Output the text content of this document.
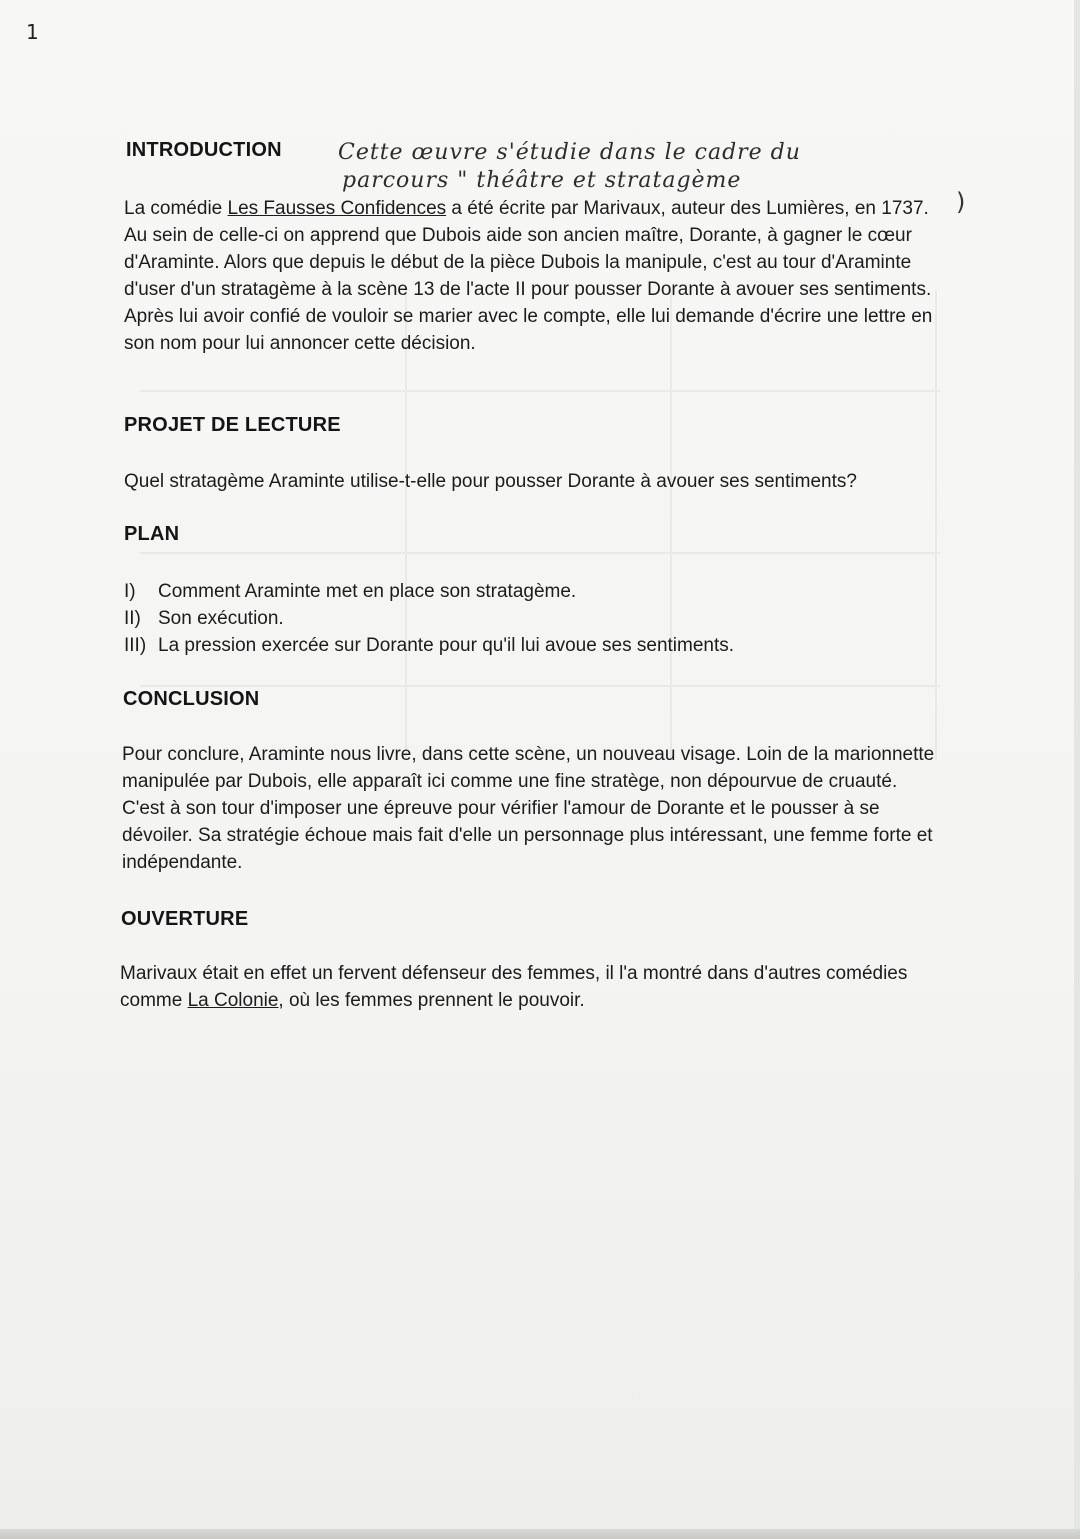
1
INTRODUCTION	Cette œuvre s'étudie dans le cadre du
parcours " théâtre et stratagème
)
La comédie Les Fausses Confidences a été écrite par Marivaux, auteur des Lumières, en 1737. Au sein de celle-ci on apprend que Dubois aide son ancien maître, Dorante, à gagner le cœur d'Araminte. Alors que depuis le début de la pièce Dubois la manipule, c'est au tour d'Araminte d'user d'un stratagème à la scène 13 de l'acte II pour pousser Dorante à avouer ses sentiments. Après lui avoir confié de vouloir se marier avec le compte, elle lui demande d'écrire une lettre en son nom pour lui annoncer cette décision.
PROJET DE LECTURE
Quel stratagème Araminte utilise-t-elle pour pousser Dorante à avouer ses sentiments?
PLAN
I)	Comment Araminte met en place son stratagème.
II) Son exécution.
III) La pression exercée sur Dorante pour qu'il lui avoue ses sentiments.
CONCLUSION
Pour conclure, Araminte nous livre, dans cette scène, un nouveau visage. Loin de la marionnette manipulée par Dubois, elle apparaît ici comme une fine stratège, non dépourvue de cruauté. C'est à son tour d'imposer une épreuve pour vérifier l'amour de Dorante et le pousser à se dévoiler. Sa stratégie échoue mais fait d'elle un personnage plus intéressant, une femme forte et indépendante.
OUVERTURE
Marivaux était en effet un fervent défenseur des femmes, il l'a montré dans d'autres comédies comme La Colonie, où les femmes prennent le pouvoir.
